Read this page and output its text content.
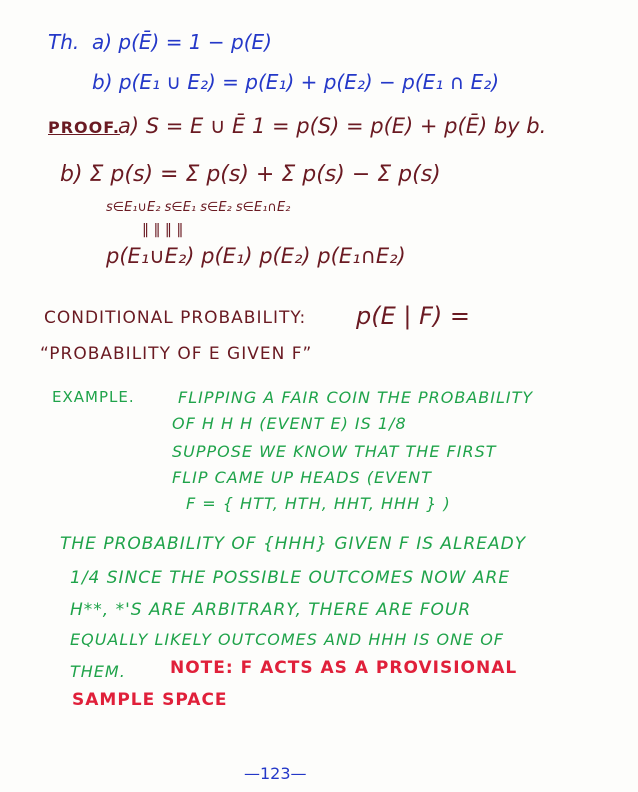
Th. a) p(Ē) = 1 − p(E)
b) p(E₁ ∪ E₂) = p(E₁) + p(E₂) − p(E₁ ∩ E₂)
PROOF.
a) S = E ∪ Ē 1 = p(S) = p(E) + p(Ē) by b.
b) Σ p(s) = Σ p(s) + Σ p(s) − Σ p(s)
s∈E₁∪E₂ s∈E₁ s∈E₂ s∈E₁∩E₂
‖ ‖ ‖ ‖
p(E₁∪E₂) p(E₁) p(E₂) p(E₁∩E₂)
CONDITIONAL PROBABILITY: p(E | F) =
“PROBABILITY OF E GIVEN F”
EXAMPLE.	FLIPPING A FAIR COIN THE PROBABILITY
OF H H H (EVENT E) IS 1/8
SUPPOSE WE KNOW THAT THE FIRST
FLIP CAME UP HEADS (EVENT
F = { HTT, HTH, HHT, HHH } )
THE PROBABILITY OF {HHH} GIVEN F IS ALREADY
1/4 SINCE THE POSSIBLE OUTCOMES NOW ARE
H**, *'S ARE ARBITRARY, THERE ARE FOUR
EQUALLY LIKELY OUTCOMES AND HHH IS ONE OF
THEM.	NOTE: F ACTS AS A PROVISIONAL
SAMPLE SPACE
—123—
